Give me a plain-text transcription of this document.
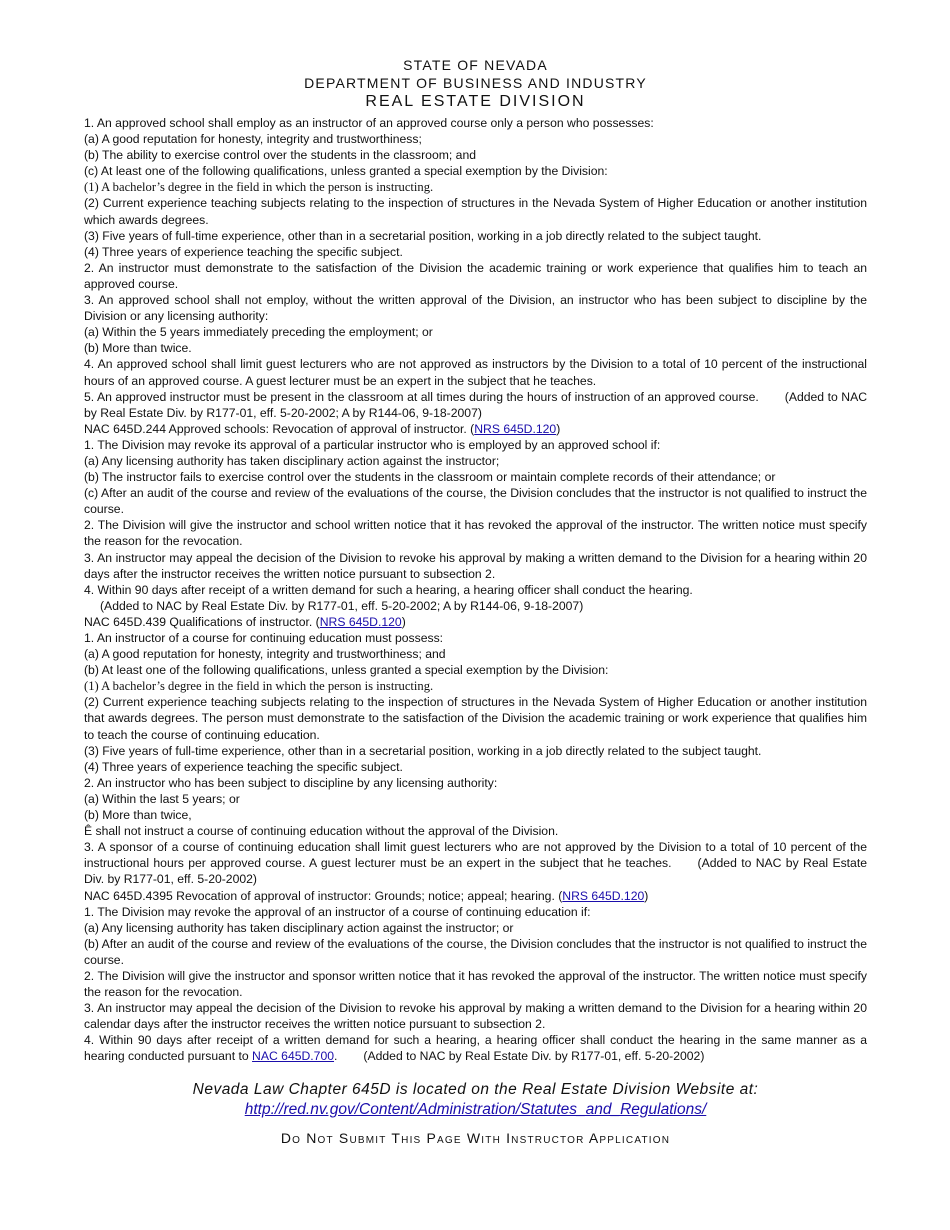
STATE OF NEVADA
DEPARTMENT OF BUSINESS AND INDUSTRY
REAL ESTATE DIVISION

1. An approved school shall employ as an instructor of an approved course only a person who possesses:

(a) A good reputation for honesty, integrity and trustworthiness;

(b) The ability to exercise control over the students in the classroom; and

(c) At least one of the following qualifications, unless granted a special exemption by the Division:

(1) A bachelor’s degree in the field in which the person is instructing.

(2) Current experience teaching subjects relating to the inspection of structures in the Nevada System of Higher Education or another institution which awards degrees.

(3) Five years of full-time experience, other than in a secretarial position, working in a job directly related to the subject taught.

(4) Three years of experience teaching the specific subject.

2. An instructor must demonstrate to the satisfaction of the Division the academic training or work experience that qualifies him to teach an approved course.

3. An approved school shall not employ, without the written approval of the Division, an instructor who has been subject to discipline by the Division or any licensing authority:

(a) Within the 5 years immediately preceding the employment; or

(b) More than twice.

4. An approved school shall limit guest lecturers who are not approved as instructors by the Division to a total of 10 percent of the instructional hours of an approved course. A guest lecturer must be an expert in the subject that he teaches.

5. An approved instructor must be present in the classroom at all times during the hours of instruction of an approved course. (Added to NAC by Real Estate Div. by R177-01, eff. 5-20-2002; A by R144-06, 9-18-2007)

NAC 645D.244 Approved schools: Revocation of approval of instructor. (NRS 645D.120)

1. The Division may revoke its approval of a particular instructor who is employed by an approved school if:

(a) Any licensing authority has taken disciplinary action against the instructor;

(b) The instructor fails to exercise control over the students in the classroom or maintain complete records of their attendance; or

(c) After an audit of the course and review of the evaluations of the course, the Division concludes that the instructor is not qualified to instruct the course.

2. The Division will give the instructor and school written notice that it has revoked the approval of the instructor. The written notice must specify the reason for the revocation.

3. An instructor may appeal the decision of the Division to revoke his approval by making a written demand to the Division for a hearing within 20 days after the instructor receives the written notice pursuant to subsection 2.

4. Within 90 days after receipt of a written demand for such a hearing, a hearing officer shall conduct the hearing.

(Added to NAC by Real Estate Div. by R177-01, eff. 5-20-2002; A by R144-06, 9-18-2007)

NAC 645D.439 Qualifications of instructor. (NRS 645D.120)

1. An instructor of a course for continuing education must possess:

(a) A good reputation for honesty, integrity and trustworthiness; and

(b) At least one of the following qualifications, unless granted a special exemption by the Division:

(1) A bachelor’s degree in the field in which the person is instructing.

(2) Current experience teaching subjects relating to the inspection of structures in the Nevada System of Higher Education or another institution that awards degrees. The person must demonstrate to the satisfaction of the Division the academic training or work experience that qualifies him to teach the course of continuing education.

(3) Five years of full-time experience, other than in a secretarial position, working in a job directly related to the subject taught.

(4) Three years of experience teaching the specific subject.

2. An instructor who has been subject to discipline by any licensing authority:

(a) Within the last 5 years; or

(b) More than twice,

Ê shall not instruct a course of continuing education without the approval of the Division.

3. A sponsor of a course of continuing education shall limit guest lecturers who are not approved by the Division to a total of 10 percent of the instructional hours per approved course. A guest lecturer must be an expert in the subject that he teaches. (Added to NAC by Real Estate Div. by R177-01, eff. 5-20-2002)

NAC 645D.4395 Revocation of approval of instructor: Grounds; notice; appeal; hearing. (NRS 645D.120)

1. The Division may revoke the approval of an instructor of a course of continuing education if:

(a) Any licensing authority has taken disciplinary action against the instructor; or

(b) After an audit of the course and review of the evaluations of the course, the Division concludes that the instructor is not qualified to instruct the course.

2. The Division will give the instructor and sponsor written notice that it has revoked the approval of the instructor. The written notice must specify the reason for the revocation.

3. An instructor may appeal the decision of the Division to revoke his approval by making a written demand to the Division for a hearing within 20 calendar days after the instructor receives the written notice pursuant to subsection 2.

4. Within 90 days after receipt of a written demand for such a hearing, a hearing officer shall conduct the hearing in the same manner as a hearing conducted pursuant to NAC 645D.700. (Added to NAC by Real Estate Div. by R177-01, eff. 5-20-2002)

Nevada Law Chapter 645D is located on the Real Estate Division Website at:
http://red.nv.gov/Content/Administration/Statutes_and_Regulations/
Do Not Submit This Page With Instructor Application
